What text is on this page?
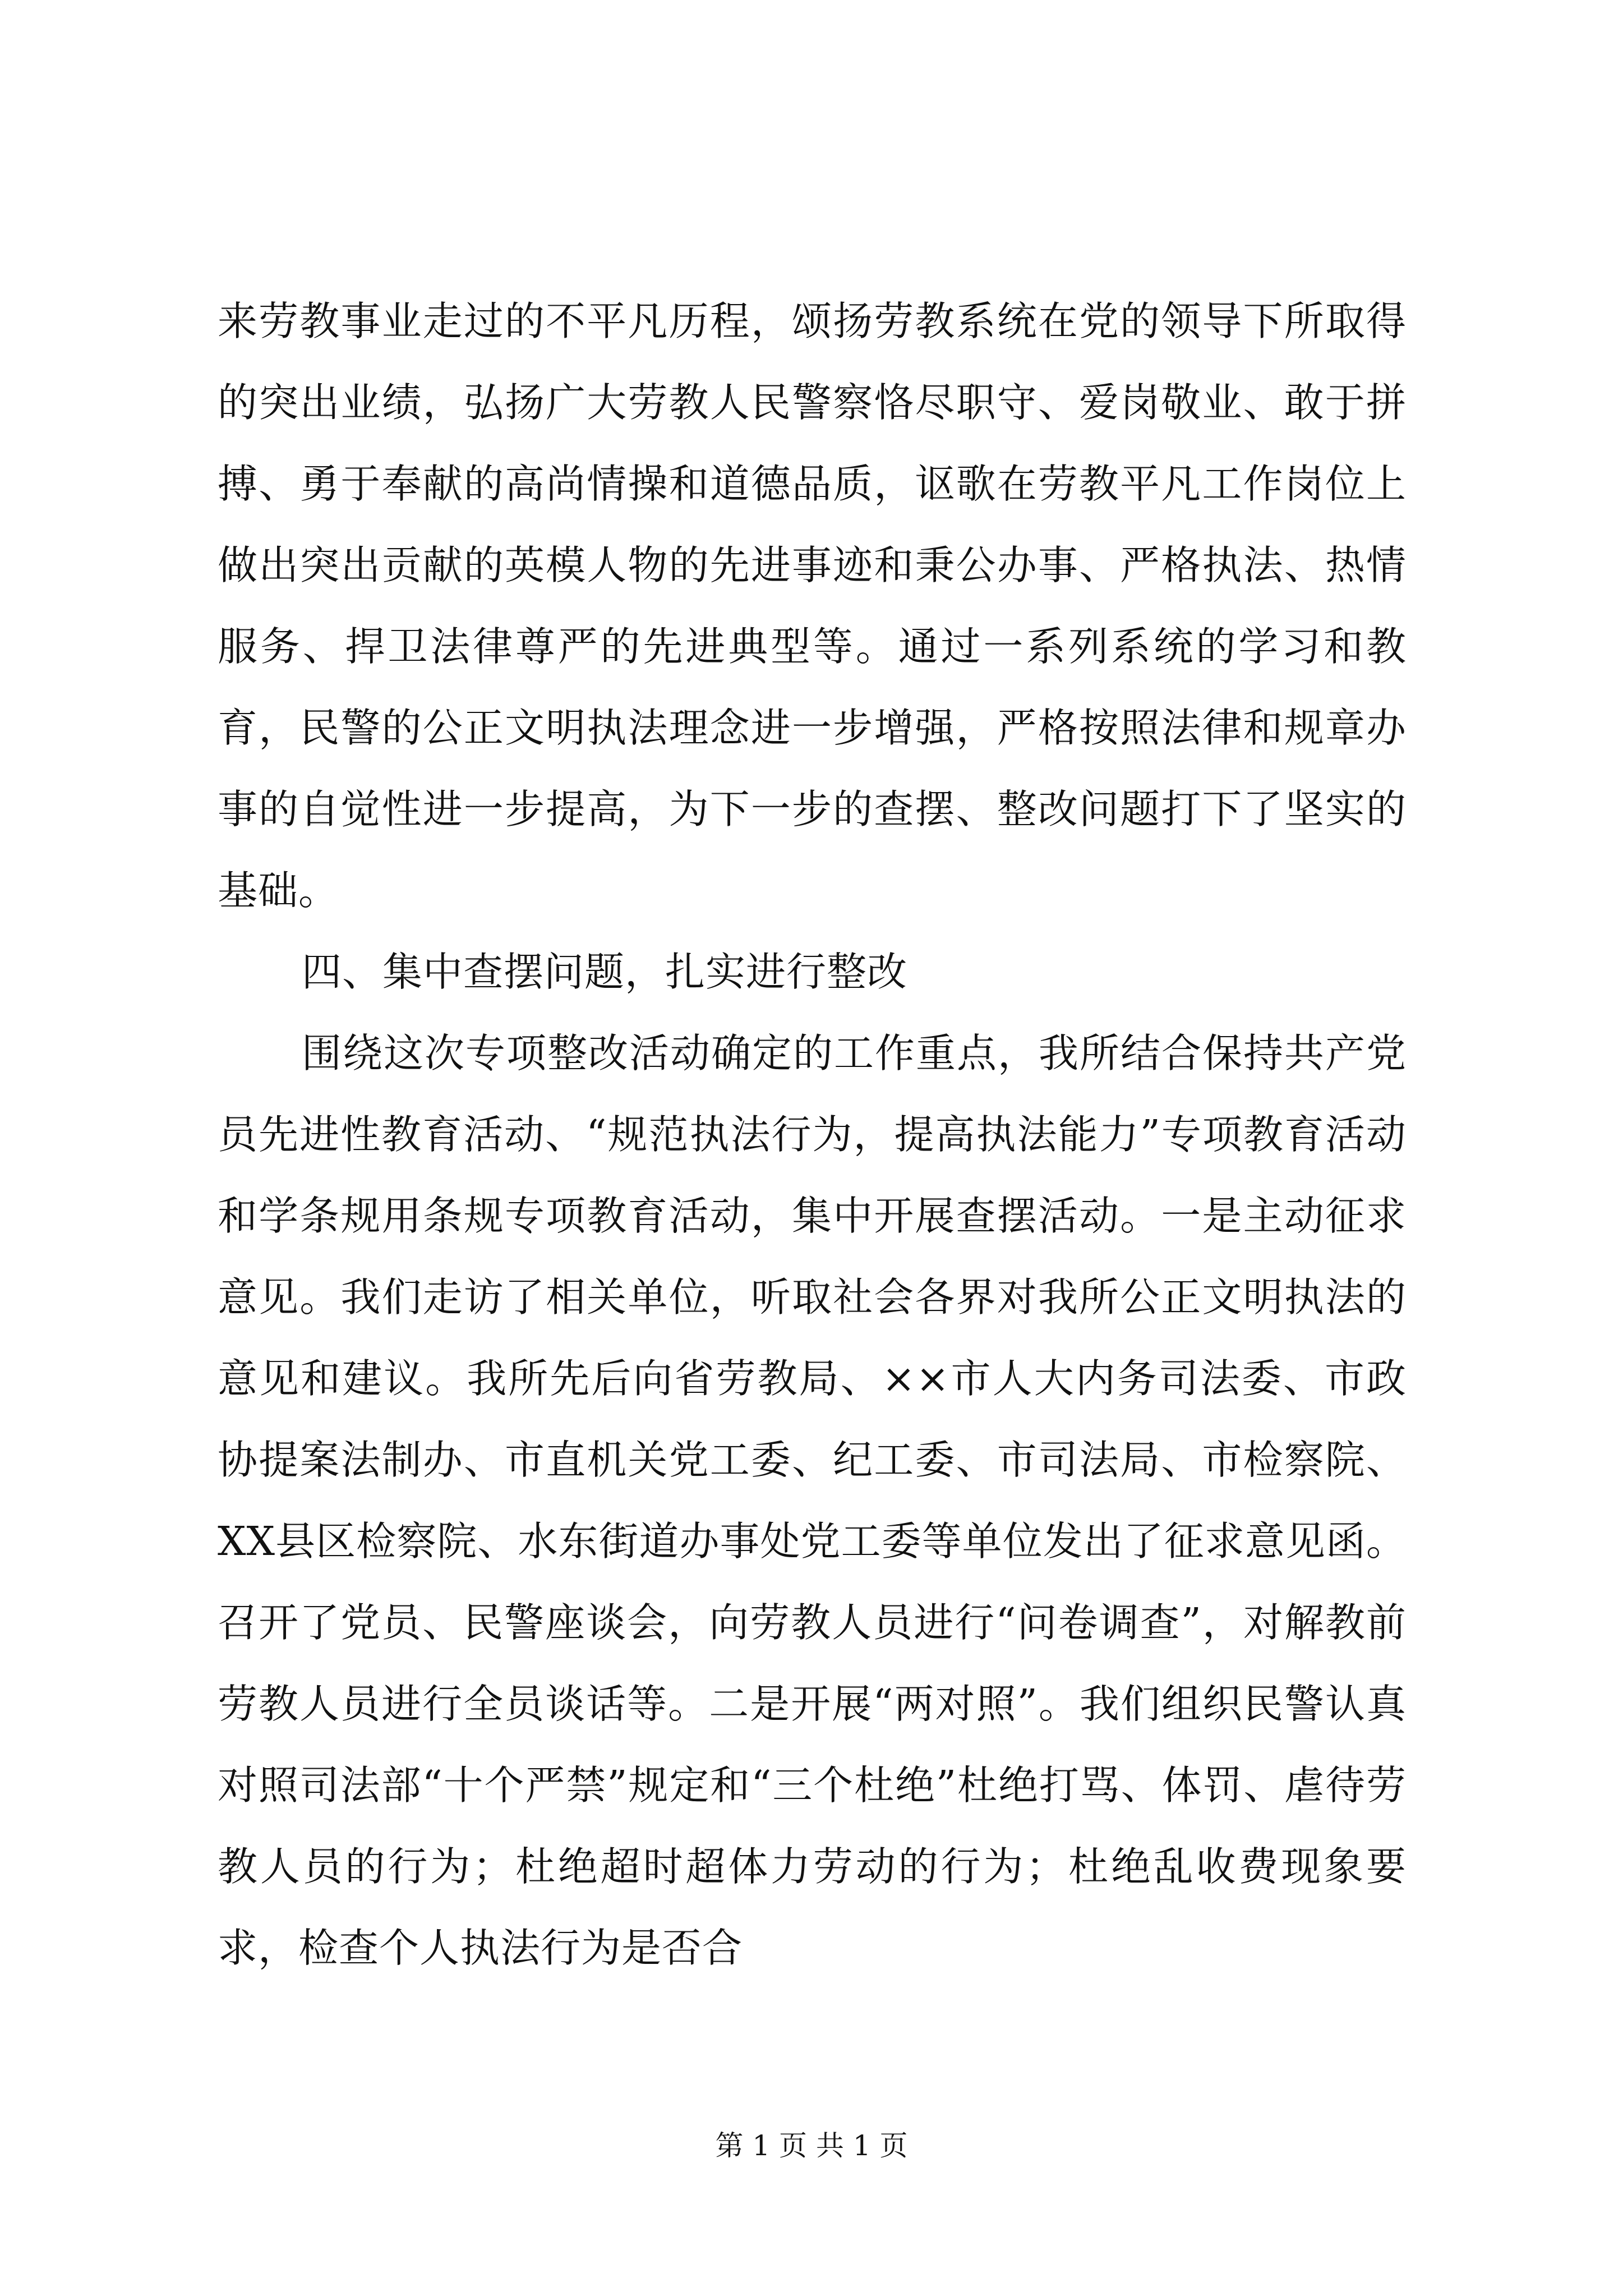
来劳教事业走过的不平凡历程，颂扬劳教系统在党的领导下所取得的突出业绩，弘扬广大劳教人民警察恪尽职守、爱岗敬业、敢于拼搏、勇于奉献的高尚情操和道德品质，讴歌在劳教平凡工作岗位上做出突出贡献的英模人物的先进事迹和秉公办事、严格执法、热情服务、捍卫法律尊严的先进典型等。通过一系列系统的学习和教育，民警的公正文明执法理念进一步增强，严格按照法律和规章办事的自觉性进一步提高，为下一步的查摆、整改问题打下了坚实的基础。

四、集中查摆问题，扎实进行整改

围绕这次专项整改活动确定的工作重点，我所结合保持共产党员先进性教育活动、“规范执法行为，提高执法能力”专项教育活动和学条规用条规专项教育活动，集中开展查摆活动。一是主动征求意见。我们走访了相关单位，听取社会各界对我所公正文明执法的意见和建议。我所先后向省劳教局、××市人大内务司法委、市政协提案法制办、市直机关党工委、纪工委、市司法局、市检察院、XX县区检察院、水东街道办事处党工委等单位发出了征求意见函。召开了党员、民警座谈会，向劳教人员进行“问卷调查”，对解教前劳教人员进行全员谈话等。二是开展“两对照”。我们组织民警认真对照司法部“十个严禁”规定和“三个杜绝”杜绝打骂、体罚、虐待劳教人员的行为；杜绝超时超体力劳动的行为；杜绝乱收费现象要求，检查个人执法行为是否合

第 1 页 共 1 页
